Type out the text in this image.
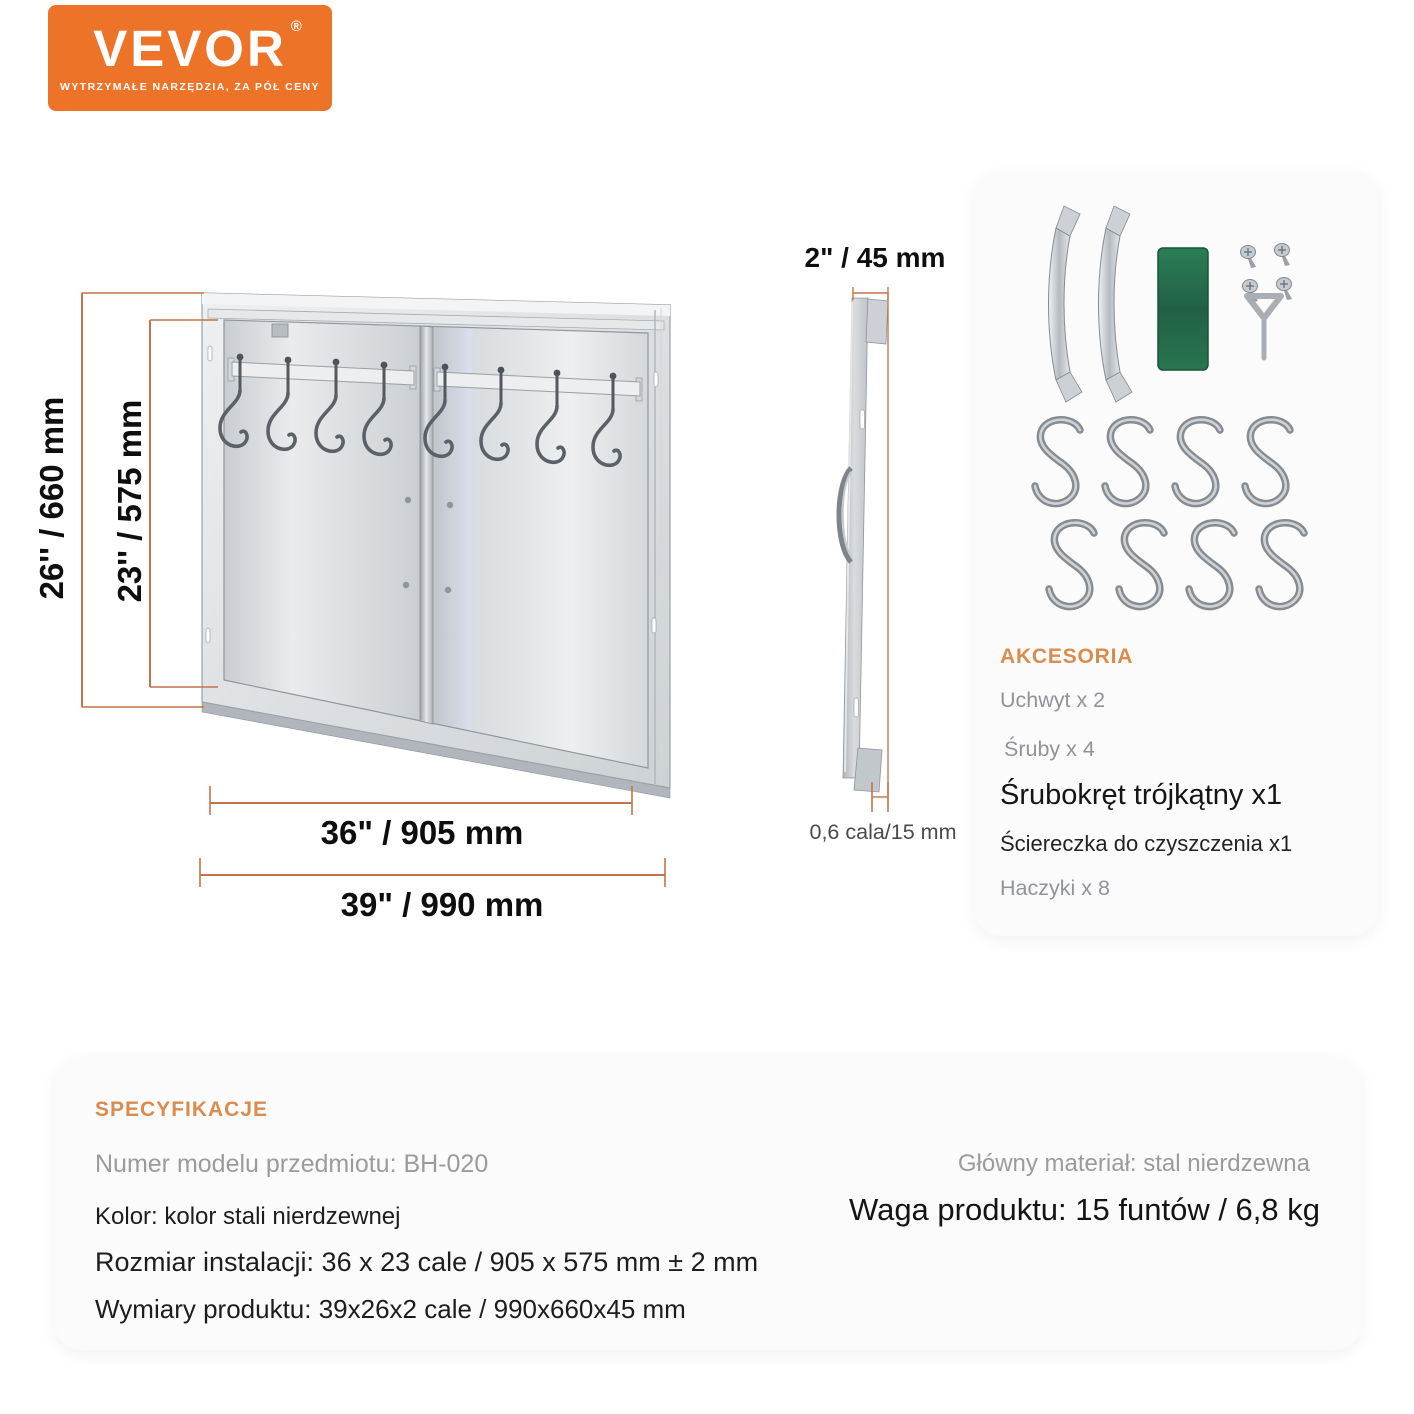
VEVOR ®
WYTRZYMAŁE NARZĘDZIA, ZA PÓŁ CENY
26'' / 660 mm 23'' / 575 mm
36" / 905 mm
39" / 990 mm
2" / 45 mm
0,6 cala/15 mm
AKCESORIA
Uchwyt x 2
Śruby x 4
Śrubokręt trójkątny x1
Ściereczka do czyszczenia x1
Haczyki x 8
SPECYFIKACJE
Numer modelu przedmiotu: BH-020
Kolor: kolor stali nierdzewnej
Rozmiar instalacji: 36 x 23 cale / 905 x 575 mm ± 2 mm
Wymiary produktu: 39x26x2 cale / 990x660x45 mm
Główny materiał: stal nierdzewna
Waga produktu: 15 funtów / 6,8 kg
